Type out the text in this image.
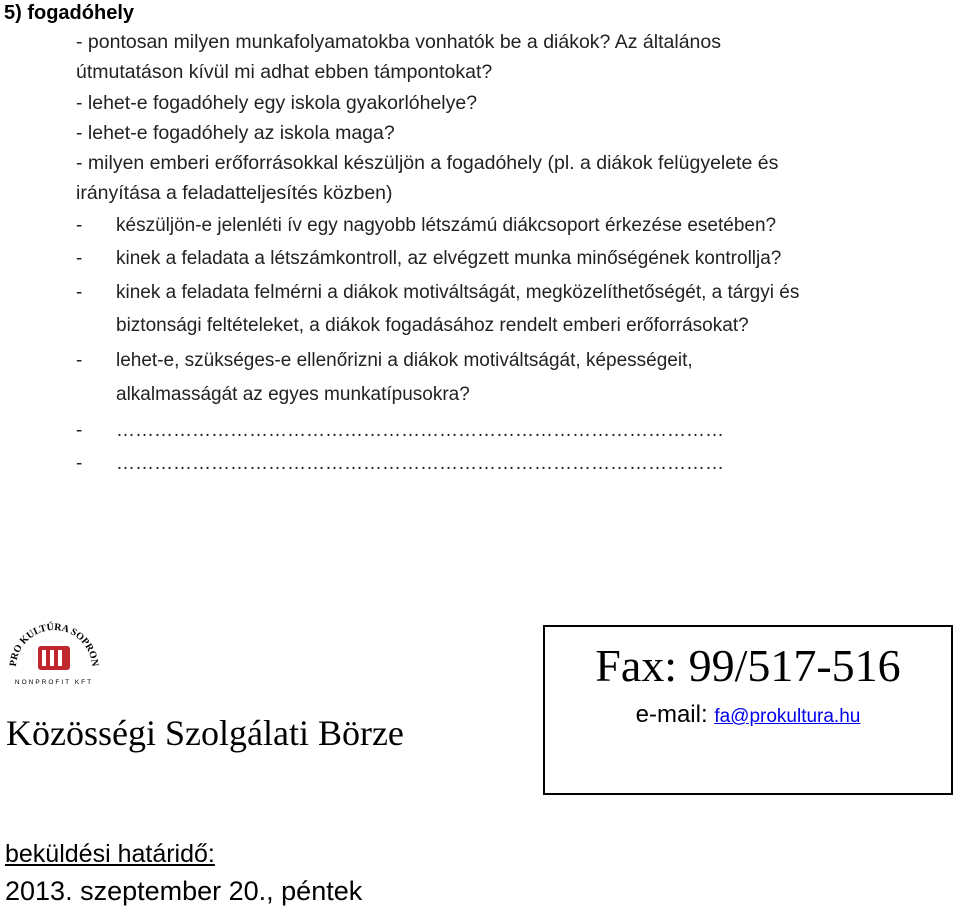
5) fogadóhely
- pontosan milyen munkafolyamatokba vonhatók be a diákok? Az általános
útmutatáson kívül mi adhat ebben támpontokat?
- lehet-e fogadóhely egy iskola gyakorlóhelye?
- lehet-e fogadóhely az iskola maga?
- milyen emberi erőforrásokkal készüljön a fogadóhely (pl. a diákok felügyelete és
irányítása a feladatteljesítés közben)
- készüljön-e jelenléti ív egy nagyobb létszámú diákcsoport érkezése esetében?
- kinek a feladata a létszámkontroll, az elvégzett munka minőségének kontrollja?
- kinek a feladata felmérni a diákok motiváltságát, megközelíthetőségét, a tárgyi és
biztonsági feltételeket, a diákok fogadásához rendelt emberi erőforrásokat?
- lehet-e, szükséges-e ellenőrizni a diákok motiváltságát, képességeit,
alkalmasságát az egyes munkatípusokra?
- ……………………………………………………………………………………
- ……………………………………………………………………………………
PRO KULTÚRA SOPRON
NONPROFIT KFT
Közösségi Szolgálati Börze
Fax: 99/517-516
e-mail: fa@prokultura.hu
beküldési határidő:
2013. szeptember 20., péntek
